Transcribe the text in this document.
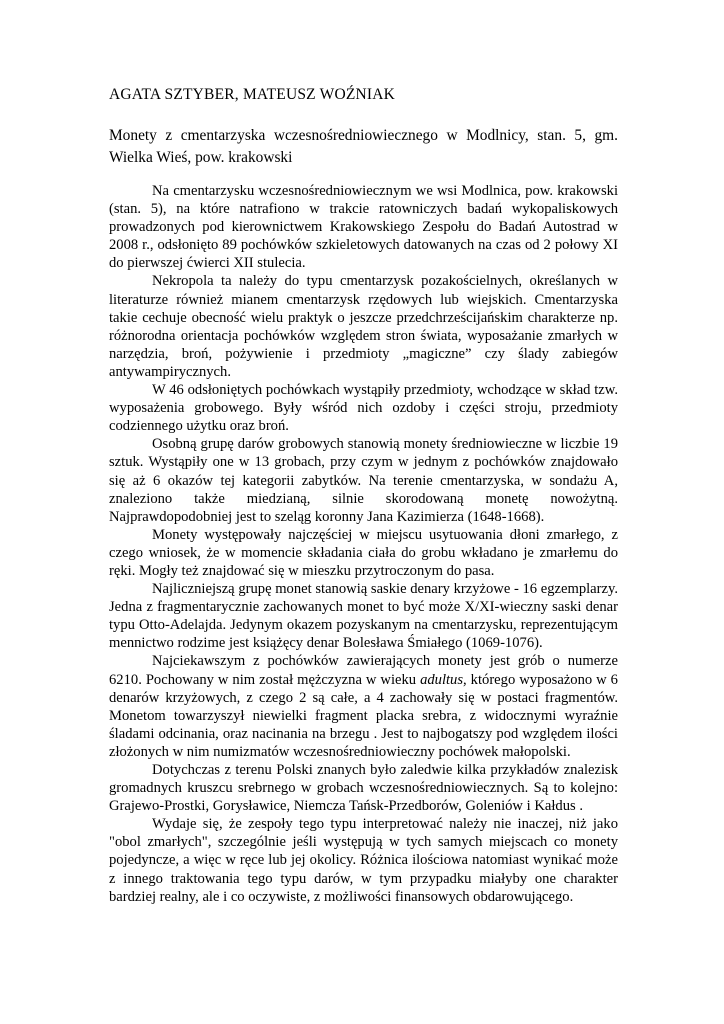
AGATA SZTYBER, MATEUSZ WOŹNIAK
Monety z cmentarzyska wczesnośredniowiecznego w Modlnicy, stan. 5, gm. Wielka Wieś, pow. krakowski

Na cmentarzysku wczesnośredniowiecznym we wsi Modlnica, pow. krakowski (stan. 5), na które natrafiono w trakcie ratowniczych badań wykopaliskowych prowadzonych pod kierownictwem Krakowskiego Zespołu do Badań Autostrad w 2008 r., odsłonięto 89 pochówków szkieletowych datowanych na czas od 2 połowy XI do pierwszej ćwierci XII stulecia.

Nekropola ta należy do typu cmentarzysk pozakościelnych, określanych w literaturze również mianem cmentarzysk rzędowych lub wiejskich. Cmentarzyska takie cechuje obecność wielu praktyk o jeszcze przedchrześcijańskim charakterze np. różnorodna orientacja pochówków względem stron świata, wyposażanie zmarłych w narzędzia, broń, pożywienie i przedmioty „magiczne” czy ślady zabiegów antywampirycznych.

W 46 odsłoniętych pochówkach wystąpiły przedmioty, wchodzące w skład tzw. wyposażenia grobowego. Były wśród nich ozdoby i części stroju, przedmioty codziennego użytku oraz broń.

Osobną grupę darów grobowych stanowią monety średniowieczne w liczbie 19 sztuk. Wystąpiły one w 13 grobach, przy czym w jednym z pochówków znajdowało się aż 6 okazów tej kategorii zabytków. Na terenie cmentarzyska, w sondażu A, znaleziono także miedzianą, silnie skorodowaną monetę nowożytną. Najprawdopodobniej jest to szeląg koronny Jana Kazimierza (1648-1668).

Monety występowały najczęściej w miejscu usytuowania dłoni zmarłego, z czego wniosek, że w momencie składania ciała do grobu wkładano je zmarłemu do ręki. Mogły też znajdować się w mieszku przytroczonym do pasa.

Najliczniejszą grupę monet stanowią saskie denary krzyżowe - 16 egzemplarzy. Jedna z fragmentarycznie zachowanych monet to być może X/XI-wieczny saski denar typu Otto-Adelajda. Jedynym okazem pozyskanym na cmentarzysku, reprezentującym mennictwo rodzime jest książęcy denar Bolesława Śmiałego (1069-1076).

Najciekawszym z pochówków zawierających monety jest grób o numerze 6210. Pochowany w nim został mężczyzna w wieku adultus, którego wyposażono w 6 denarów krzyżowych, z czego 2 są całe, a 4 zachowały się w postaci fragmentów. Monetom towarzyszył niewielki fragment placka srebra, z widocznymi wyraźnie śladami odcinania, oraz nacinania na brzegu . Jest to najbogatszy pod względem ilości złożonych w nim numizmatów wczesnośredniowieczny pochówek małopolski.

Dotychczas z terenu Polski znanych było zaledwie kilka przykładów znalezisk gromadnych kruszcu srebrnego w grobach wczesnośredniowiecznych. Są to kolejno: Grajewo-Prostki, Gorysławice, Niemcza Tańsk-Przedborów, Goleniów i Kałdus .

Wydaje się, że zespoły tego typu interpretować należy nie inaczej, niż jako "obol zmarłych", szczególnie jeśli występują w tych samych miejscach co monety pojedyncze, a więc w ręce lub jej okolicy. Różnica ilościowa natomiast wynikać może z innego traktowania tego typu darów, w tym przypadku miałyby one charakter bardziej realny, ale i co oczywiste, z możliwości finansowych obdarowującego.
